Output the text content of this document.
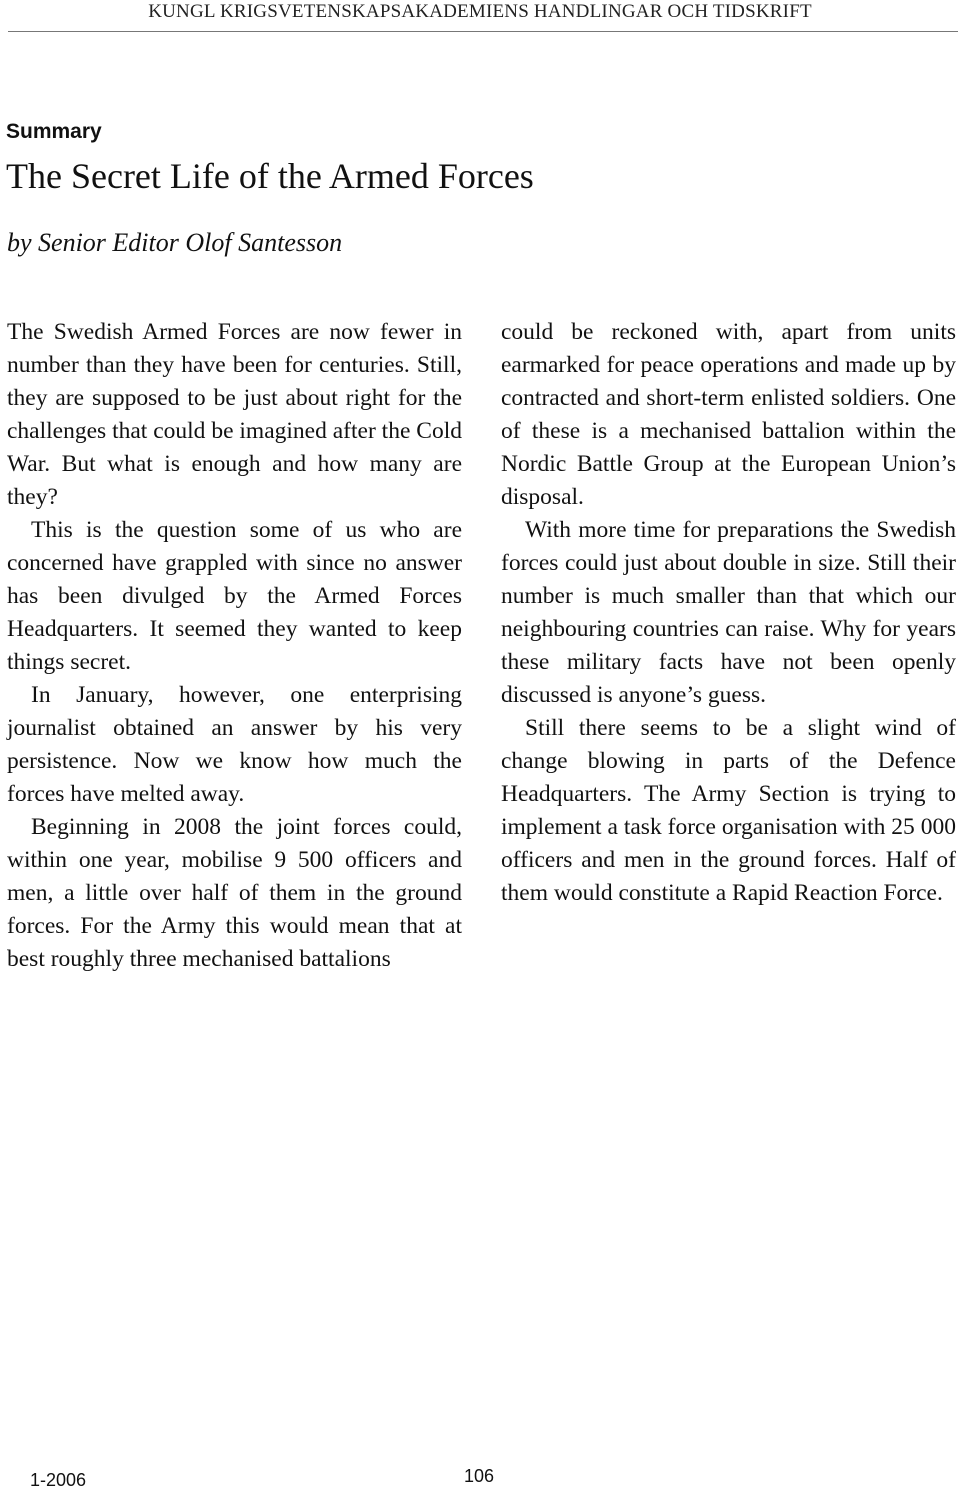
KUNGL KRIGSVETENSKAPSAKADEMIENS HANDLINGAR OCH TIDSKRIFT
Summary
The Secret Life of the Armed Forces
by Senior Editor Olof Santesson

The Swedish Armed Forces are now fewer in number than they have been for centuries. Still, they are supposed to be just about right for the challenges that could be imagined after the Cold War. But what is enough and how many are they?

This is the question some of us who are concerned have grappled with since no answer has been divulged by the Armed Forces Headquarters. It seemed they wanted to keep things secret.

In January, however, one enterprising journalist obtained an answer by his very persistence. Now we know how much the forces have melted away.

Beginning in 2008 the joint forces could, within one year, mobilise 9 500 officers and men, a little over half of them in the ground forces. For the Army this would mean that at best roughly three mechanised battalions

could be reckoned with, apart from units earmarked for peace operations and made up by contracted and short-term enlisted soldiers. One of these is a mechanised battalion within the Nordic Battle Group at the European Union’s disposal.

With more time for preparations the Swedish forces could just about double in size. Still their number is much smaller than that which our neighbouring countries can raise. Why for years these military facts have not been openly discussed is anyone’s guess.

Still there seems to be a slight wind of change blowing in parts of the Defence Headquarters. The Army Section is trying to implement a task force organisation with 25 000 officers and men in the ground forces. Half of them would constitute a Rapid Reaction Force.

1-2006	106
